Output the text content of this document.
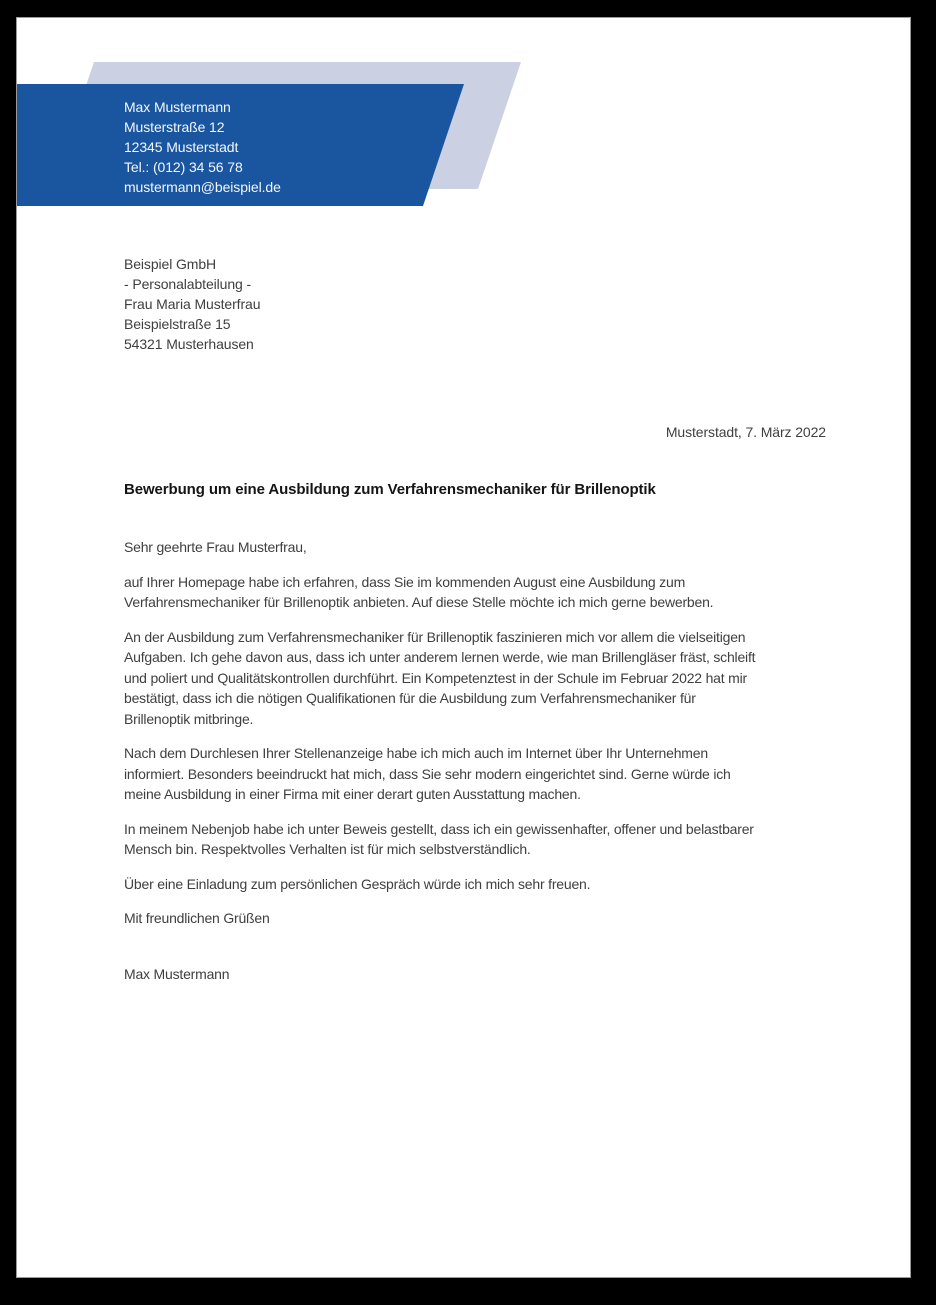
Max Mustermann
Musterstraße 12
12345 Musterstadt
Tel.: (012) 34 56 78
mustermann@beispiel.de
Beispiel GmbH
- Personalabteilung -
Frau Maria Musterfrau
Beispielstraße 15
54321 Musterhausen
Musterstadt, 7. März 2022
Bewerbung um eine Ausbildung zum Verfahrensmechaniker für Brillenoptik

Sehr geehrte Frau Musterfrau,

auf Ihrer Homepage habe ich erfahren, dass Sie im kommenden August eine Ausbildung zum
Verfahrensmechaniker für Brillenoptik anbieten. Auf diese Stelle möchte ich mich gerne bewerben.

An der Ausbildung zum Verfahrensmechaniker für Brillenoptik faszinieren mich vor allem die vielseitigen
Aufgaben. Ich gehe davon aus, dass ich unter anderem lernen werde, wie man Brillengläser fräst, schleift
und poliert und Qualitätskontrollen durchführt. Ein Kompetenztest in der Schule im Februar 2022 hat mir
bestätigt, dass ich die nötigen Qualifikationen für die Ausbildung zum Verfahrensmechaniker für
Brillenoptik mitbringe.

Nach dem Durchlesen Ihrer Stellenanzeige habe ich mich auch im Internet über Ihr Unternehmen
informiert. Besonders beeindruckt hat mich, dass Sie sehr modern eingerichtet sind. Gerne würde ich
meine Ausbildung in einer Firma mit einer derart guten Ausstattung machen.

In meinem Nebenjob habe ich unter Beweis gestellt, dass ich ein gewissenhafter, offener und belastbarer
Mensch bin. Respektvolles Verhalten ist für mich selbstverständlich.

Über eine Einladung zum persönlichen Gespräch würde ich mich sehr freuen.

Mit freundlichen Grüßen

Max Mustermann
